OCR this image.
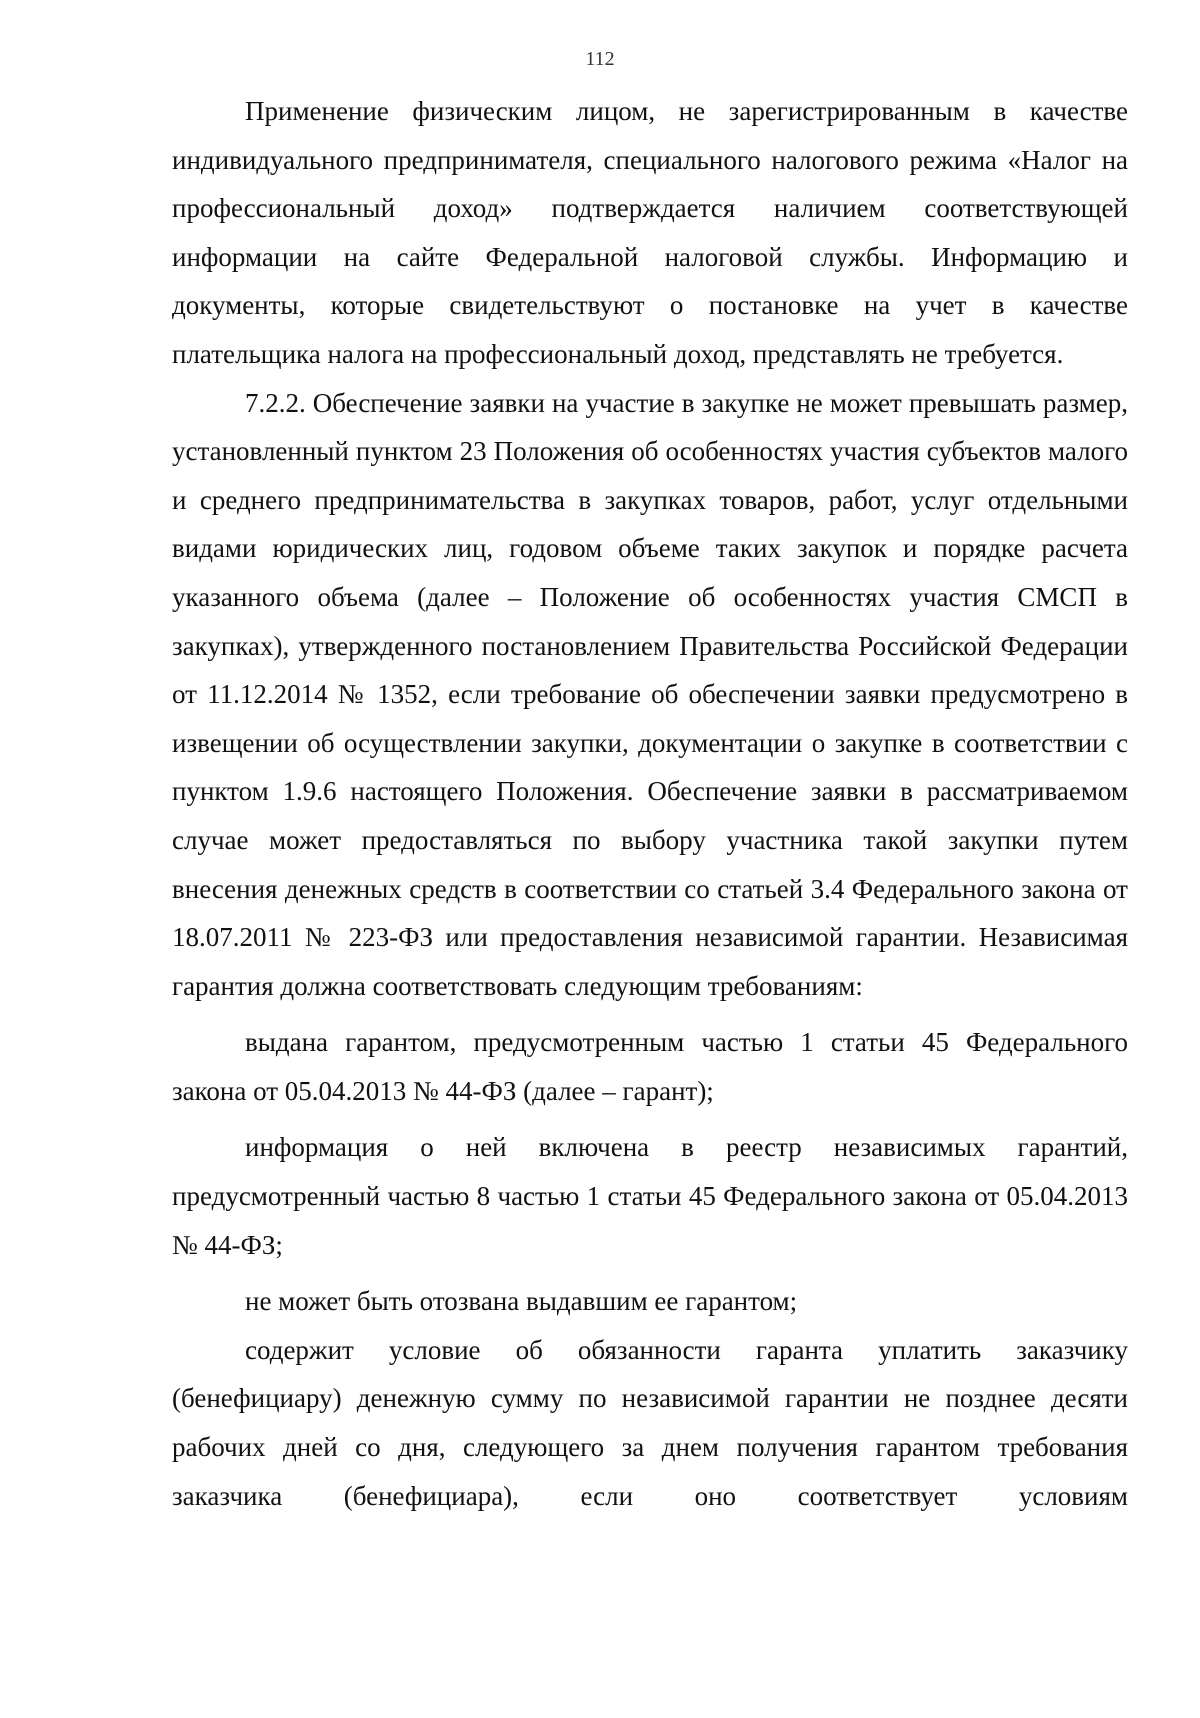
112

Применение физическим лицом, не зарегистрированным в качестве индивидуального предпринимателя, специального налогового режима «Налог на профессиональный доход» подтверждается наличием соответствующей информации на сайте Федеральной налоговой службы. Информацию и документы, которые свидетельствуют о постановке на учет в качестве плательщика налога на профессиональный доход, представлять не требуется.

7.2.2. Обеспечение заявки на участие в закупке не может превышать размер, установленный пунктом 23 Положения об особенностях участия субъектов малого и среднего предпринимательства в закупках товаров, работ, услуг отдельными видами юридических лиц, годовом объеме таких закупок и порядке расчета указанного объема (далее – Положение об особенностях участия СМСП в закупках), утвержденного постановлением Правительства Российской Федерации от 11.12.2014 № 1352, если требование об обеспечении заявки предусмотрено в извещении об осуществлении закупки, документации о закупке в соответствии с пунктом 1.9.6 настоящего Положения. Обеспечение заявки в рассматриваемом случае может предоставляться по выбору участника такой закупки путем внесения денежных средств в соответствии со статьей 3.4 Федерального закона от 18.07.2011 № 223-ФЗ или предоставления независимой гарантии. Независимая гарантия должна соответствовать следующим требованиям:

выдана гарантом, предусмотренным частью 1 статьи 45 Федерального закона от 05.04.2013 № 44-ФЗ (далее – гарант);

информация о ней включена в реестр независимых гарантий, предусмотренный частью 8 частью 1 статьи 45 Федерального закона от 05.04.2013 № 44-ФЗ;

не может быть отозвана выдавшим ее гарантом;

содержит условие об обязанности гаранта уплатить заказчику (бенефициару) денежную сумму по независимой гарантии не позднее десяти рабочих дней со дня, следующего за днем получения гарантом требования заказчика (бенефициара), если оно соответствует условиям
